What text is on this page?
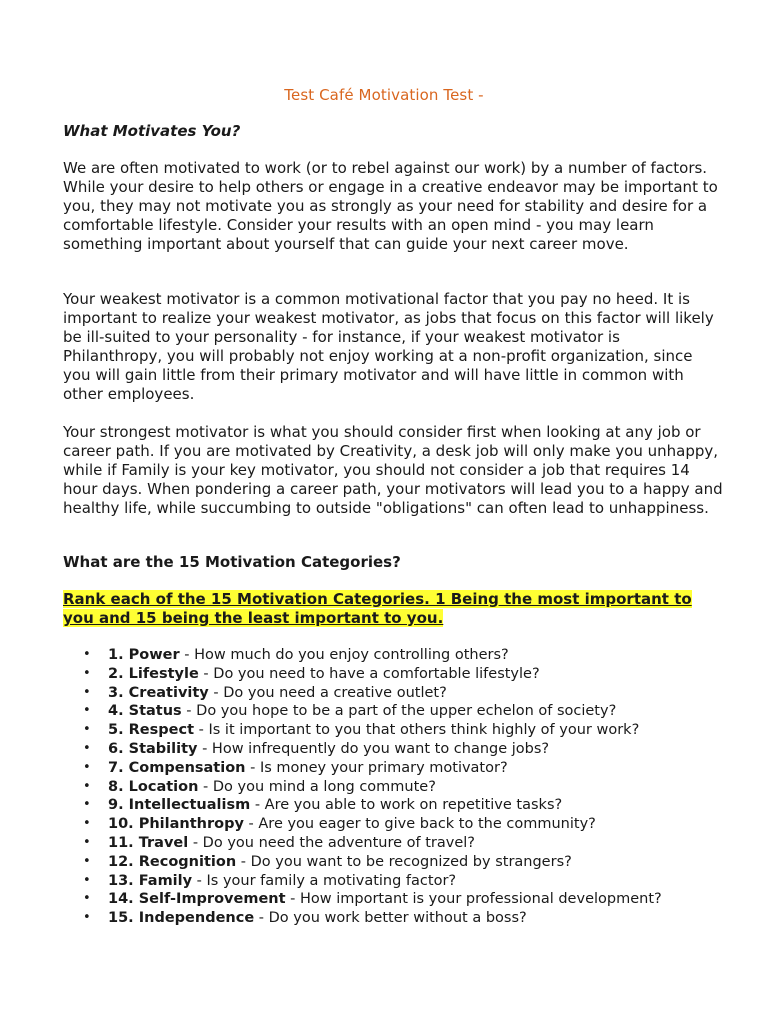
Test Café Motivation Test -
What Motivates You?

We are often motivated to work (or to rebel against our work) by a number of factors. While your desire to help others or engage in a creative endeavor may be important to you, they may not motivate you as strongly as your need for stability and desire for a comfortable lifestyle. Consider your results with an open mind - you may learn something important about yourself that can guide your next career move.

Your weakest motivator is a common motivational factor that you pay no heed. It is important to realize your weakest motivator, as jobs that focus on this factor will likely be ill-suited to your personality - for instance, if your weakest motivator is Philanthropy, you will probably not enjoy working at a non-profit organization, since you will gain little from their primary motivator and will have little in common with other employees.

Your strongest motivator is what you should consider first when looking at any job or career path. If you are motivated by Creativity, a desk job will only make you unhappy, while if Family is your key motivator, you should not consider a job that requires 14 hour days. When pondering a career path, your motivators will lead you to a happy and healthy life, while succumbing to outside "obligations" can often lead to unhappiness.

What are the 15 Motivation Categories?

Rank each of the 15 Motivation Categories. 1 Being the most important to you and 15 being the least important to you.

• 1. Power - How much do you enjoy controlling others?
• 2. Lifestyle - Do you need to have a comfortable lifestyle?
• 3. Creativity - Do you need a creative outlet?
• 4. Status - Do you hope to be a part of the upper echelon of society?
• 5. Respect - Is it important to you that others think highly of your work?
• 6. Stability - How infrequently do you want to change jobs?
• 7. Compensation - Is money your primary motivator?
• 8. Location - Do you mind a long commute?
• 9. Intellectualism - Are you able to work on repetitive tasks?
• 10. Philanthropy - Are you eager to give back to the community?
• 11. Travel - Do you need the adventure of travel?
• 12. Recognition - Do you want to be recognized by strangers?
• 13. Family - Is your family a motivating factor?
• 14. Self-Improvement - How important is your professional development?
• 15. Independence - Do you work better without a boss?
